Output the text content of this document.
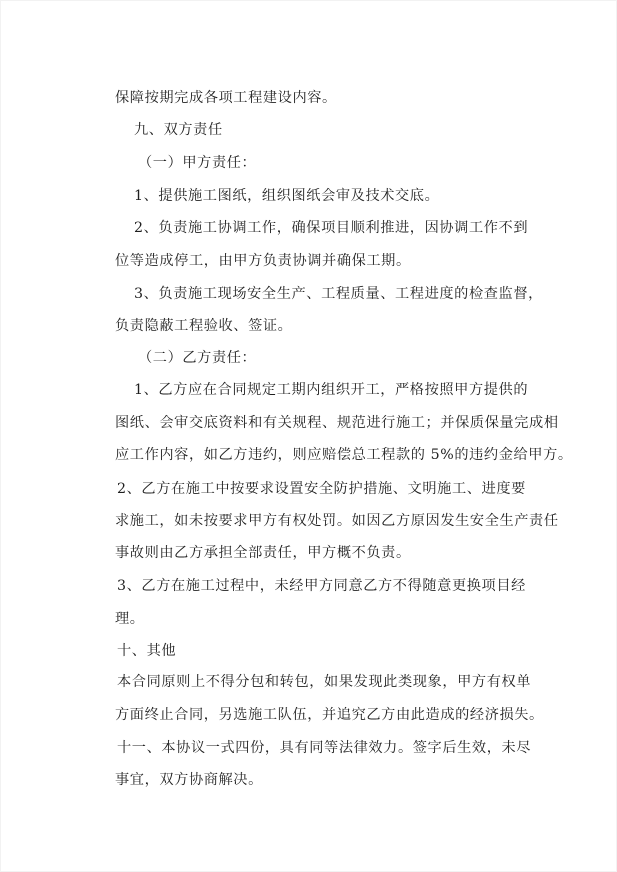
保障按期完成各项工程建设内容。
九、双方责任
（一）甲方责任：
1、提供施工图纸，组织图纸会审及技术交底。
2、负责施工协调工作，确保项目顺利推进，因协调工作不到
位等造成停工，由甲方负责协调并确保工期。
3、负责施工现场安全生产、工程质量、工程进度的检查监督，
负责隐蔽工程验收、签证。
（二）乙方责任：
1、乙方应在合同规定工期内组织开工，严格按照甲方提供的
图纸、会审交底资料和有关规程、规范进行施工；并保质保量完成相
应工作内容，如乙方违约，则应赔偿总工程款的 5%的违约金给甲方。
2、乙方在施工中按要求设置安全防护措施、文明施工、进度要
求施工，如未按要求甲方有权处罚。如因乙方原因发生安全生产责任
事故则由乙方承担全部责任，甲方概不负责。
3、乙方在施工过程中，未经甲方同意乙方不得随意更换项目经
理。
十、其他
本合同原则上不得分包和转包，如果发现此类现象，甲方有权单
方面终止合同，另选施工队伍，并追究乙方由此造成的经济损失。
十一、本协议一式四份，具有同等法律效力。签字后生效，未尽
事宜，双方协商解决。
